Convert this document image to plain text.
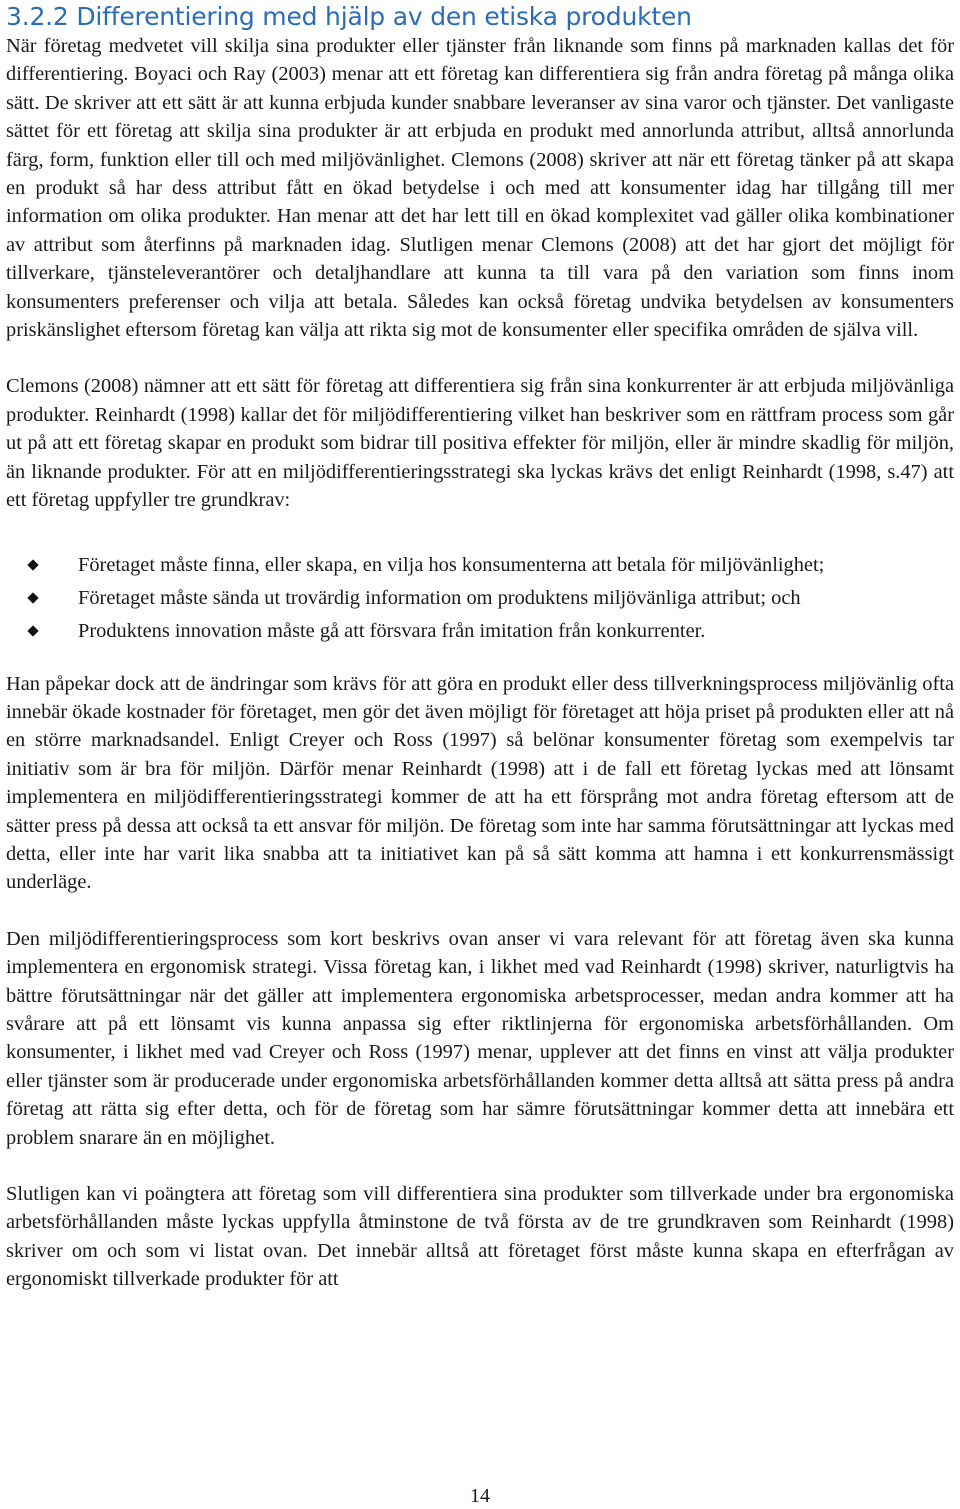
3.2.2 Differentiering med hjälp av den etiska produkten

När företag medvetet vill skilja sina produkter eller tjänster från liknande som finns på marknaden kallas det för differentiering. Boyaci och Ray (2003) menar att ett företag kan differentiera sig från andra företag på många olika sätt. De skriver att ett sätt är att kunna erbjuda kunder snabbare leveranser av sina varor och tjänster. Det vanligaste sättet för ett företag att skilja sina produkter är att erbjuda en produkt med annorlunda attribut, alltså annorlunda färg, form, funktion eller till och med miljövänlighet. Clemons (2008) skriver att när ett företag tänker på att skapa en produkt så har dess attribut fått en ökad betydelse i och med att konsumenter idag har tillgång till mer information om olika produkter. Han menar att det har lett till en ökad komplexitet vad gäller olika kombinationer av attribut som återfinns på marknaden idag. Slutligen menar Clemons (2008) att det har gjort det möjligt för tillverkare, tjänsteleverantörer och detaljhandlare att kunna ta till vara på den variation som finns inom konsumenters preferenser och vilja att betala. Således kan också företag undvika betydelsen av konsumenters priskänslighet eftersom företag kan välja att rikta sig mot de konsumenter eller specifika områden de själva vill.

Clemons (2008) nämner att ett sätt för företag att differentiera sig från sina konkurrenter är att erbjuda miljövänliga produkter. Reinhardt (1998) kallar det för miljödifferentiering vilket han beskriver som en rättfram process som går ut på att ett företag skapar en produkt som bidrar till positiva effekter för miljön, eller är mindre skadlig för miljön, än liknande produkter. För att en miljödifferentieringsstrategi ska lyckas krävs det enligt Reinhardt (1998, s.47) att ett företag uppfyller tre grundkrav:

Företaget måste finna, eller skapa, en vilja hos konsumenterna att betala för miljövänlighet;
Företaget måste sända ut trovärdig information om produktens miljövänliga attribut; och
Produktens innovation måste gå att försvara från imitation från konkurrenter.

Han påpekar dock att de ändringar som krävs för att göra en produkt eller dess tillverkningsprocess miljövänlig ofta innebär ökade kostnader för företaget, men gör det även möjligt för företaget att höja priset på produkten eller att nå en större marknadsandel. Enligt Creyer och Ross (1997) så belönar konsumenter företag som exempelvis tar initiativ som är bra för miljön. Därför menar Reinhardt (1998) att i de fall ett företag lyckas med att lönsamt implementera en miljödifferentieringsstrategi kommer de att ha ett försprång mot andra företag eftersom att de sätter press på dessa att också ta ett ansvar för miljön. De företag som inte har samma förutsättningar att lyckas med detta, eller inte har varit lika snabba att ta initiativet kan på så sätt komma att hamna i ett konkurrensmässigt underläge.

Den miljödifferentieringsprocess som kort beskrivs ovan anser vi vara relevant för att företag även ska kunna implementera en ergonomisk strategi. Vissa företag kan, i likhet med vad Reinhardt (1998) skriver, naturligtvis ha bättre förutsättningar när det gäller att implementera ergonomiska arbetsprocesser, medan andra kommer att ha svårare att på ett lönsamt vis kunna anpassa sig efter riktlinjerna för ergonomiska arbetsförhållanden. Om konsumenter, i likhet med vad Creyer och Ross (1997) menar, upplever att det finns en vinst att välja produkter eller tjänster som är producerade under ergonomiska arbetsförhållanden kommer detta alltså att sätta press på andra företag att rätta sig efter detta, och för de företag som har sämre förutsättningar kommer detta att innebära ett problem snarare än en möjlighet.

Slutligen kan vi poängtera att företag som vill differentiera sina produkter som tillverkade under bra ergonomiska arbetsförhållanden måste lyckas uppfylla åtminstone de två första av de tre grundkraven som Reinhardt (1998) skriver om och som vi listat ovan. Det innebär alltså att företaget först måste kunna skapa en efterfrågan av ergonomiskt tillverkade produkter för att

14
